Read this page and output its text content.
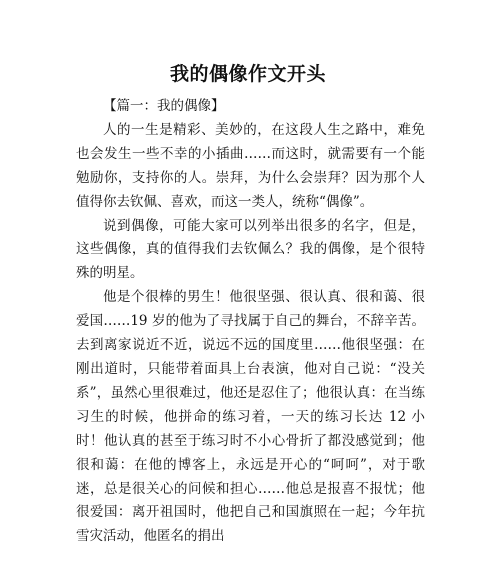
我的偶像作文开头

【篇一：我的偶像】

人的一生是精彩、美妙的，在这段人生之路中，难免也会发生一些不幸的小插曲……而这时，就需要有一个能勉励你，支持你的人。崇拜，为什么会崇拜？因为那个人值得你去钦佩、喜欢，而这一类人，统称“偶像”。

说到偶像，可能大家可以列举出很多的名字，但是，这些偶像，真的值得我们去钦佩么？我的偶像，是个很特殊的明星。

他是个很棒的男生！他很坚强、很认真、很和蔼、很爱国……19 岁的他为了寻找属于自己的舞台，不辞辛苦。去到离家说近不近，说远不远的国度里……他很坚强：在刚出道时，只能带着面具上台表演，他对自己说：“没关系”，虽然心里很难过，他还是忍住了；他很认真：在当练习生的时候，他拼命的练习着，一天的练习长达 12 小时！他认真的甚至于练习时不小心骨折了都没感觉到；他很和蔼：在他的博客上，永远是开心的“呵呵”，对于歌迷，总是很关心的问候和担心……他总是报喜不报忧；他很爱国：离开祖国时，他把自己和国旗照在一起；今年抗雪灾活动，他匿名的捐出
